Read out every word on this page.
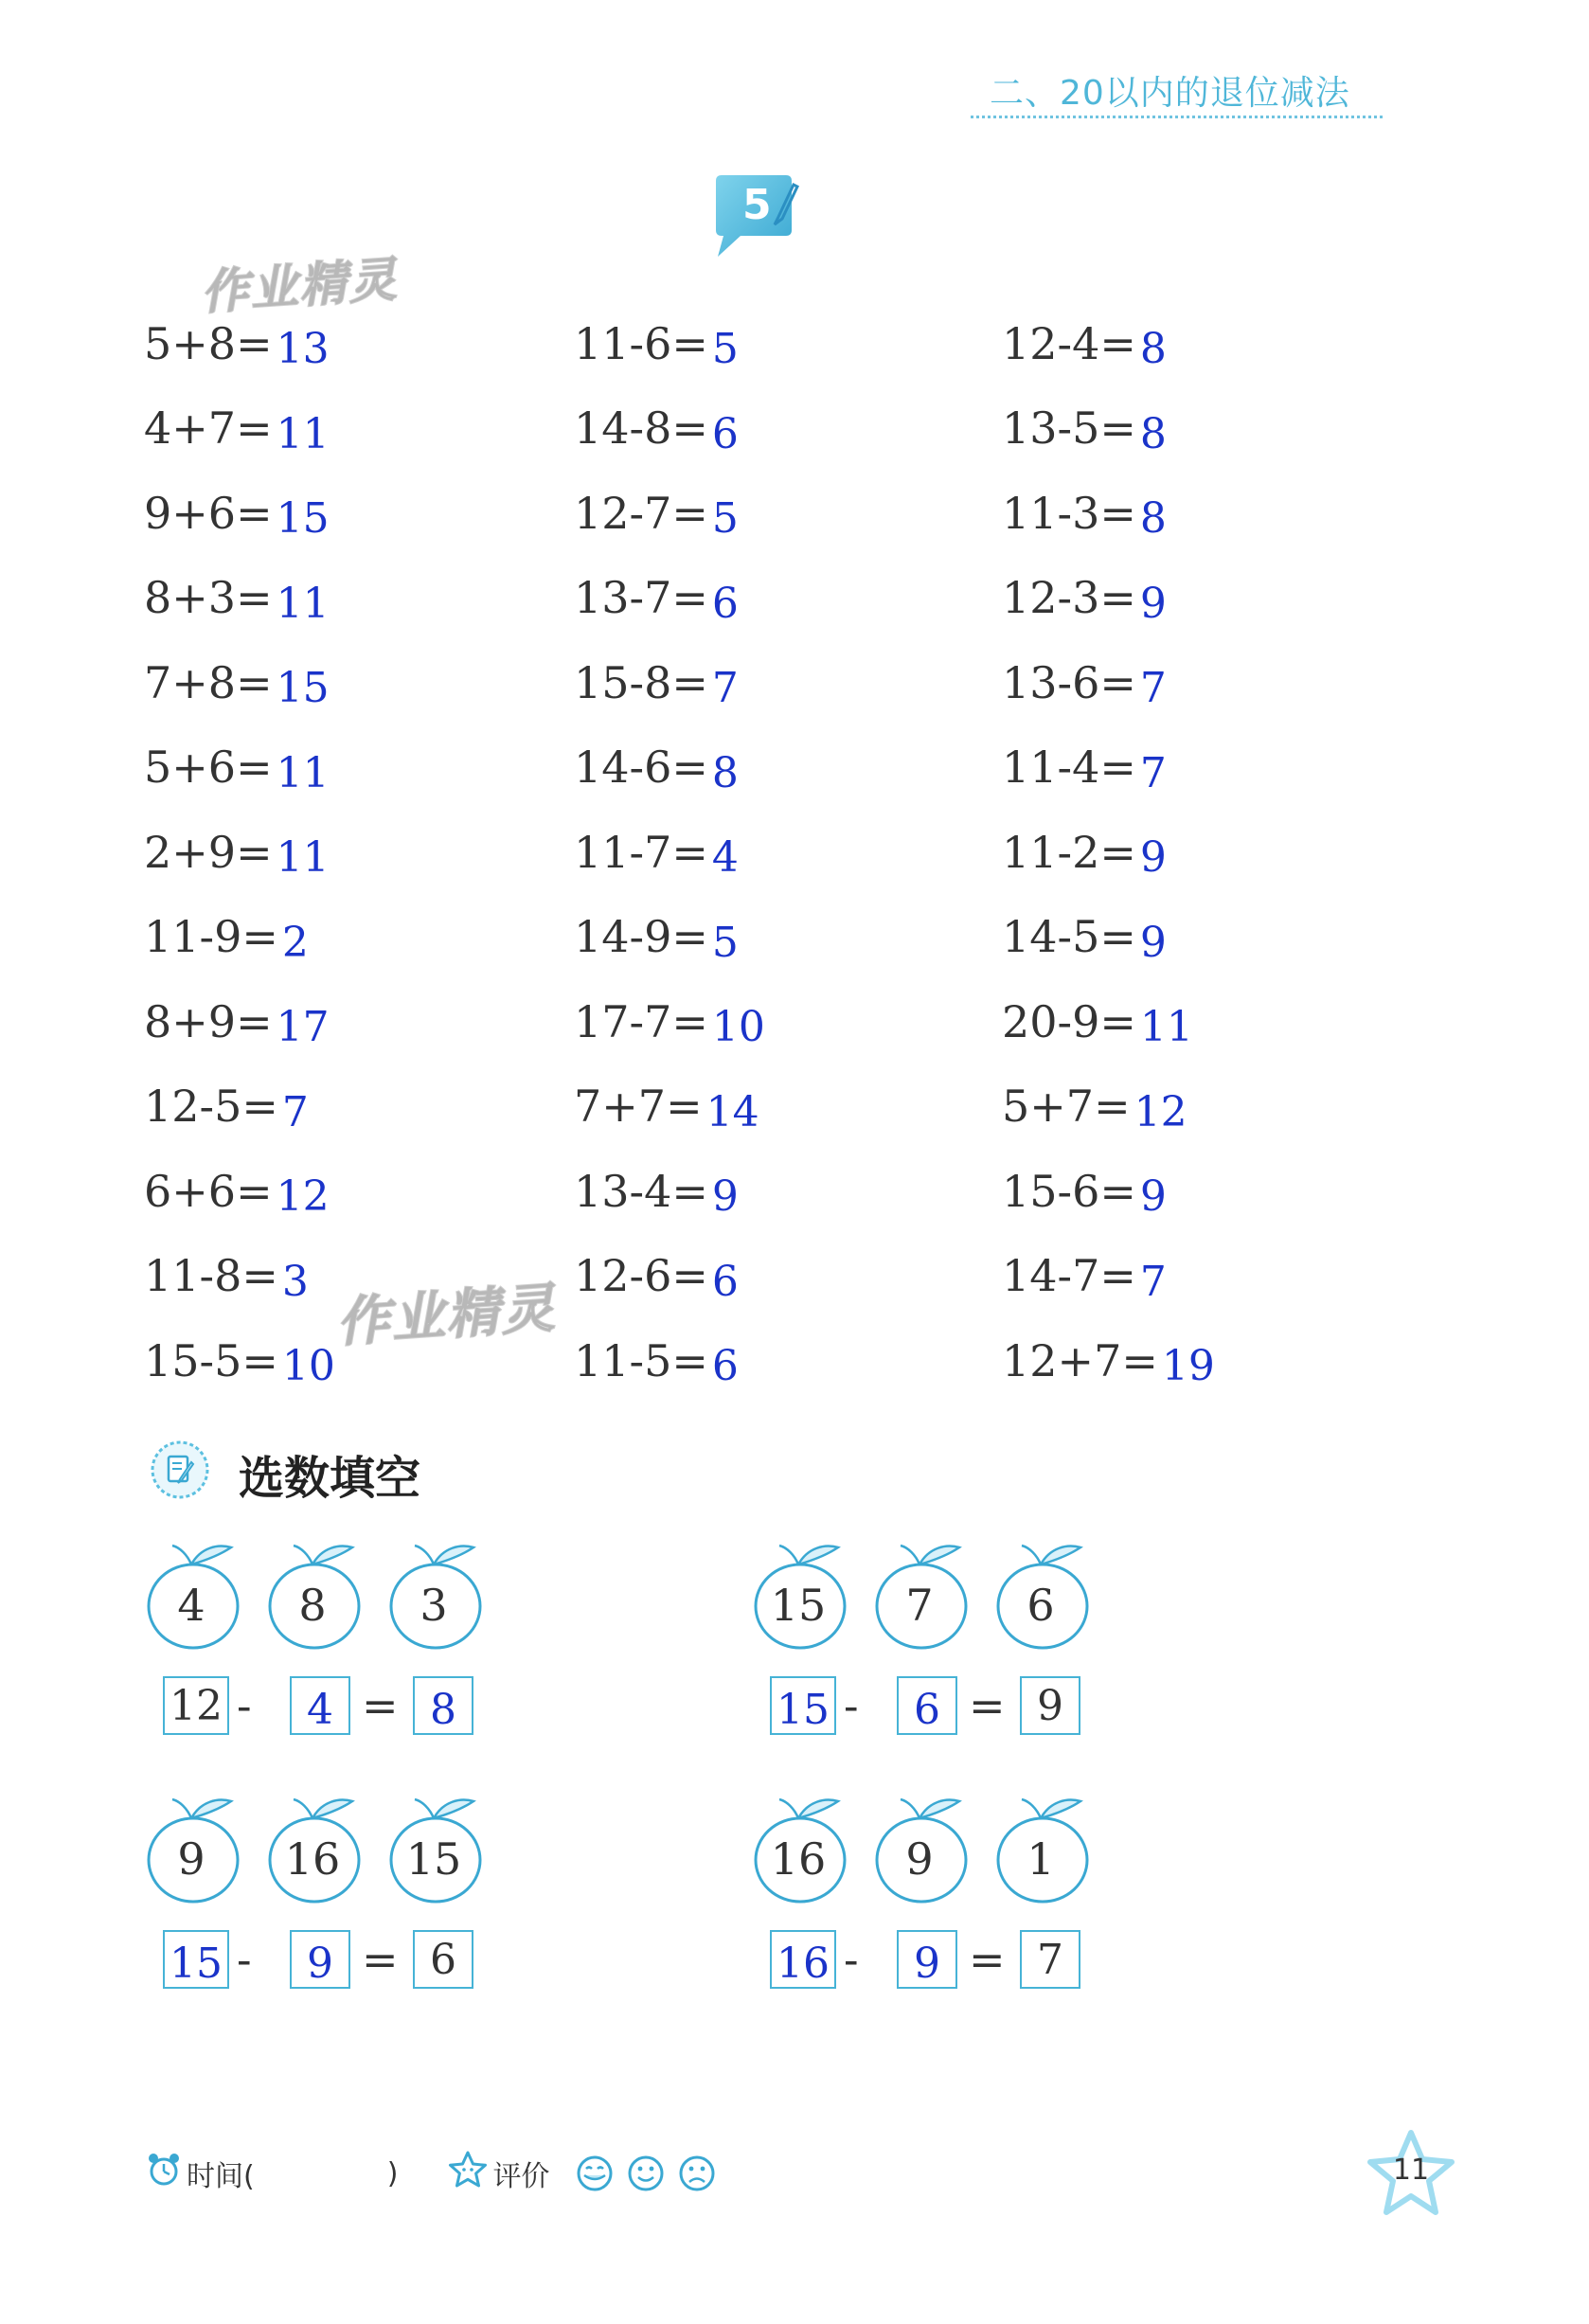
二、20以内的退位减法
5
作业精灵
作业精灵
5+8= 13
4+7= 11
9+6= 15
8+3= 11
7+8= 15
5+6= 11
2+9= 11
11-9= 2
8+9= 17
12-5= 7
6+6= 12
11-8= 3
15-5= 10
11-6= 5
14-8= 6
12-7= 5
13-7= 6
15-8= 7
14-6= 8
11-7= 4
14-9= 5
17-7= 10
7+7= 14
13-4= 9
12-6= 6
11-5= 6
12-4= 8
13-5= 8
11-3= 8
12-3= 9
13-6= 7
11-4= 7
11-2= 9
14-5= 9
20-9= 11
5+7= 12
15-6= 9
14-7= 7
12+7= 19
选数填空
4	8	3
12	4	8
-	=
15	7	6
15	6	9
-	=
9	16	15
15	9	6
-	=
16	9	1
16	9	7
-	=
时间(	)	评价	11
